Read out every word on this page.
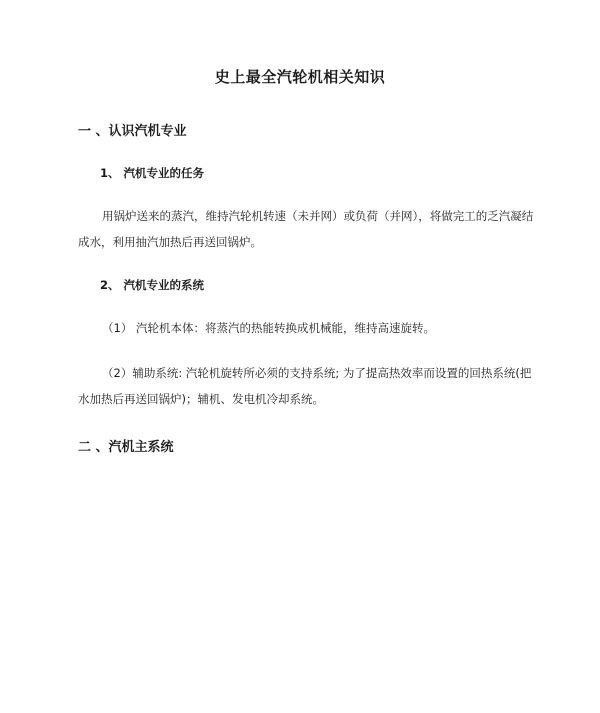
史上最全汽轮机相关知识
一 、认识汽机专业
1、 汽机专业的任务
用锅炉送来的蒸汽，维持汽轮机转速（未并网）或负荷（并网），将做完工的乏汽凝结成水，利用抽汽加热后再送回锅炉。
2、 汽机专业的系统
（1） 汽轮机本体：将蒸汽的热能转换成机械能，维持高速旋转。
（2）辅助系统: 汽轮机旋转所必须的支持系统; 为了提高热效率而设置的回热系统(把水加热后再送回锅炉)；辅机、发电机冷却系统。
二 、汽机主系统
